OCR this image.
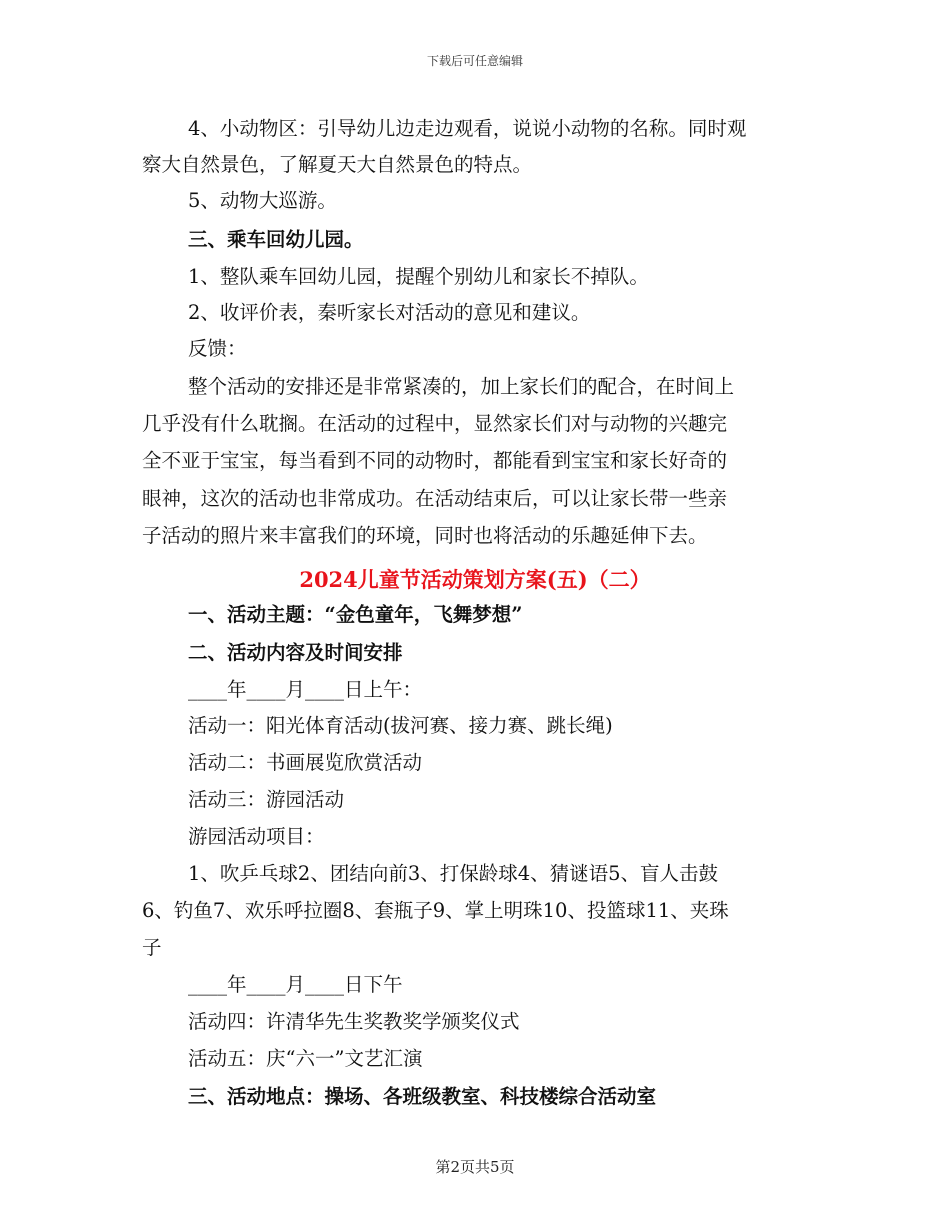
下载后可任意编辑
4、小动物区：引导幼儿边走边观看，说说小动物的名称。同时观
察大自然景色，了解夏天大自然景色的特点。
5、动物大巡游。
三、乘车回幼儿园。
1、整队乘车回幼儿园，提醒个别幼儿和家长不掉队。
2、收评价表，秦听家长对活动的意见和建议。
反馈：
整个活动的安排还是非常紧凑的，加上家长们的配合，在时间上
几乎没有什么耽搁。在活动的过程中，显然家长们对与动物的兴趣完
全不亚于宝宝，每当看到不同的动物时，都能看到宝宝和家长好奇的
眼神，这次的活动也非常成功。在活动结束后，可以让家长带一些亲
子活动的照片来丰富我们的环境，同时也将活动的乐趣延伸下去。
2024儿童节活动策划方案(五)（二）
一、活动主题：“金色童年，飞舞梦想”
二、活动内容及时间安排
____年____月____日上午：
活动一：阳光体育活动(拔河赛、接力赛、跳长绳)
活动二：书画展览欣赏活动
活动三：游园活动
游园活动项目：
1、吹乒乓球2、团结向前3、打保龄球4、猜谜语5、盲人击鼓
6、钓鱼7、欢乐呼拉圈8、套瓶子9、掌上明珠10、投篮球11、夹珠
子
____年____月____日下午
活动四：许清华先生奖教奖学颁奖仪式
活动五：庆“六一”文艺汇演
三、活动地点：操场、各班级教室、科技楼综合活动室
第2页共5页
